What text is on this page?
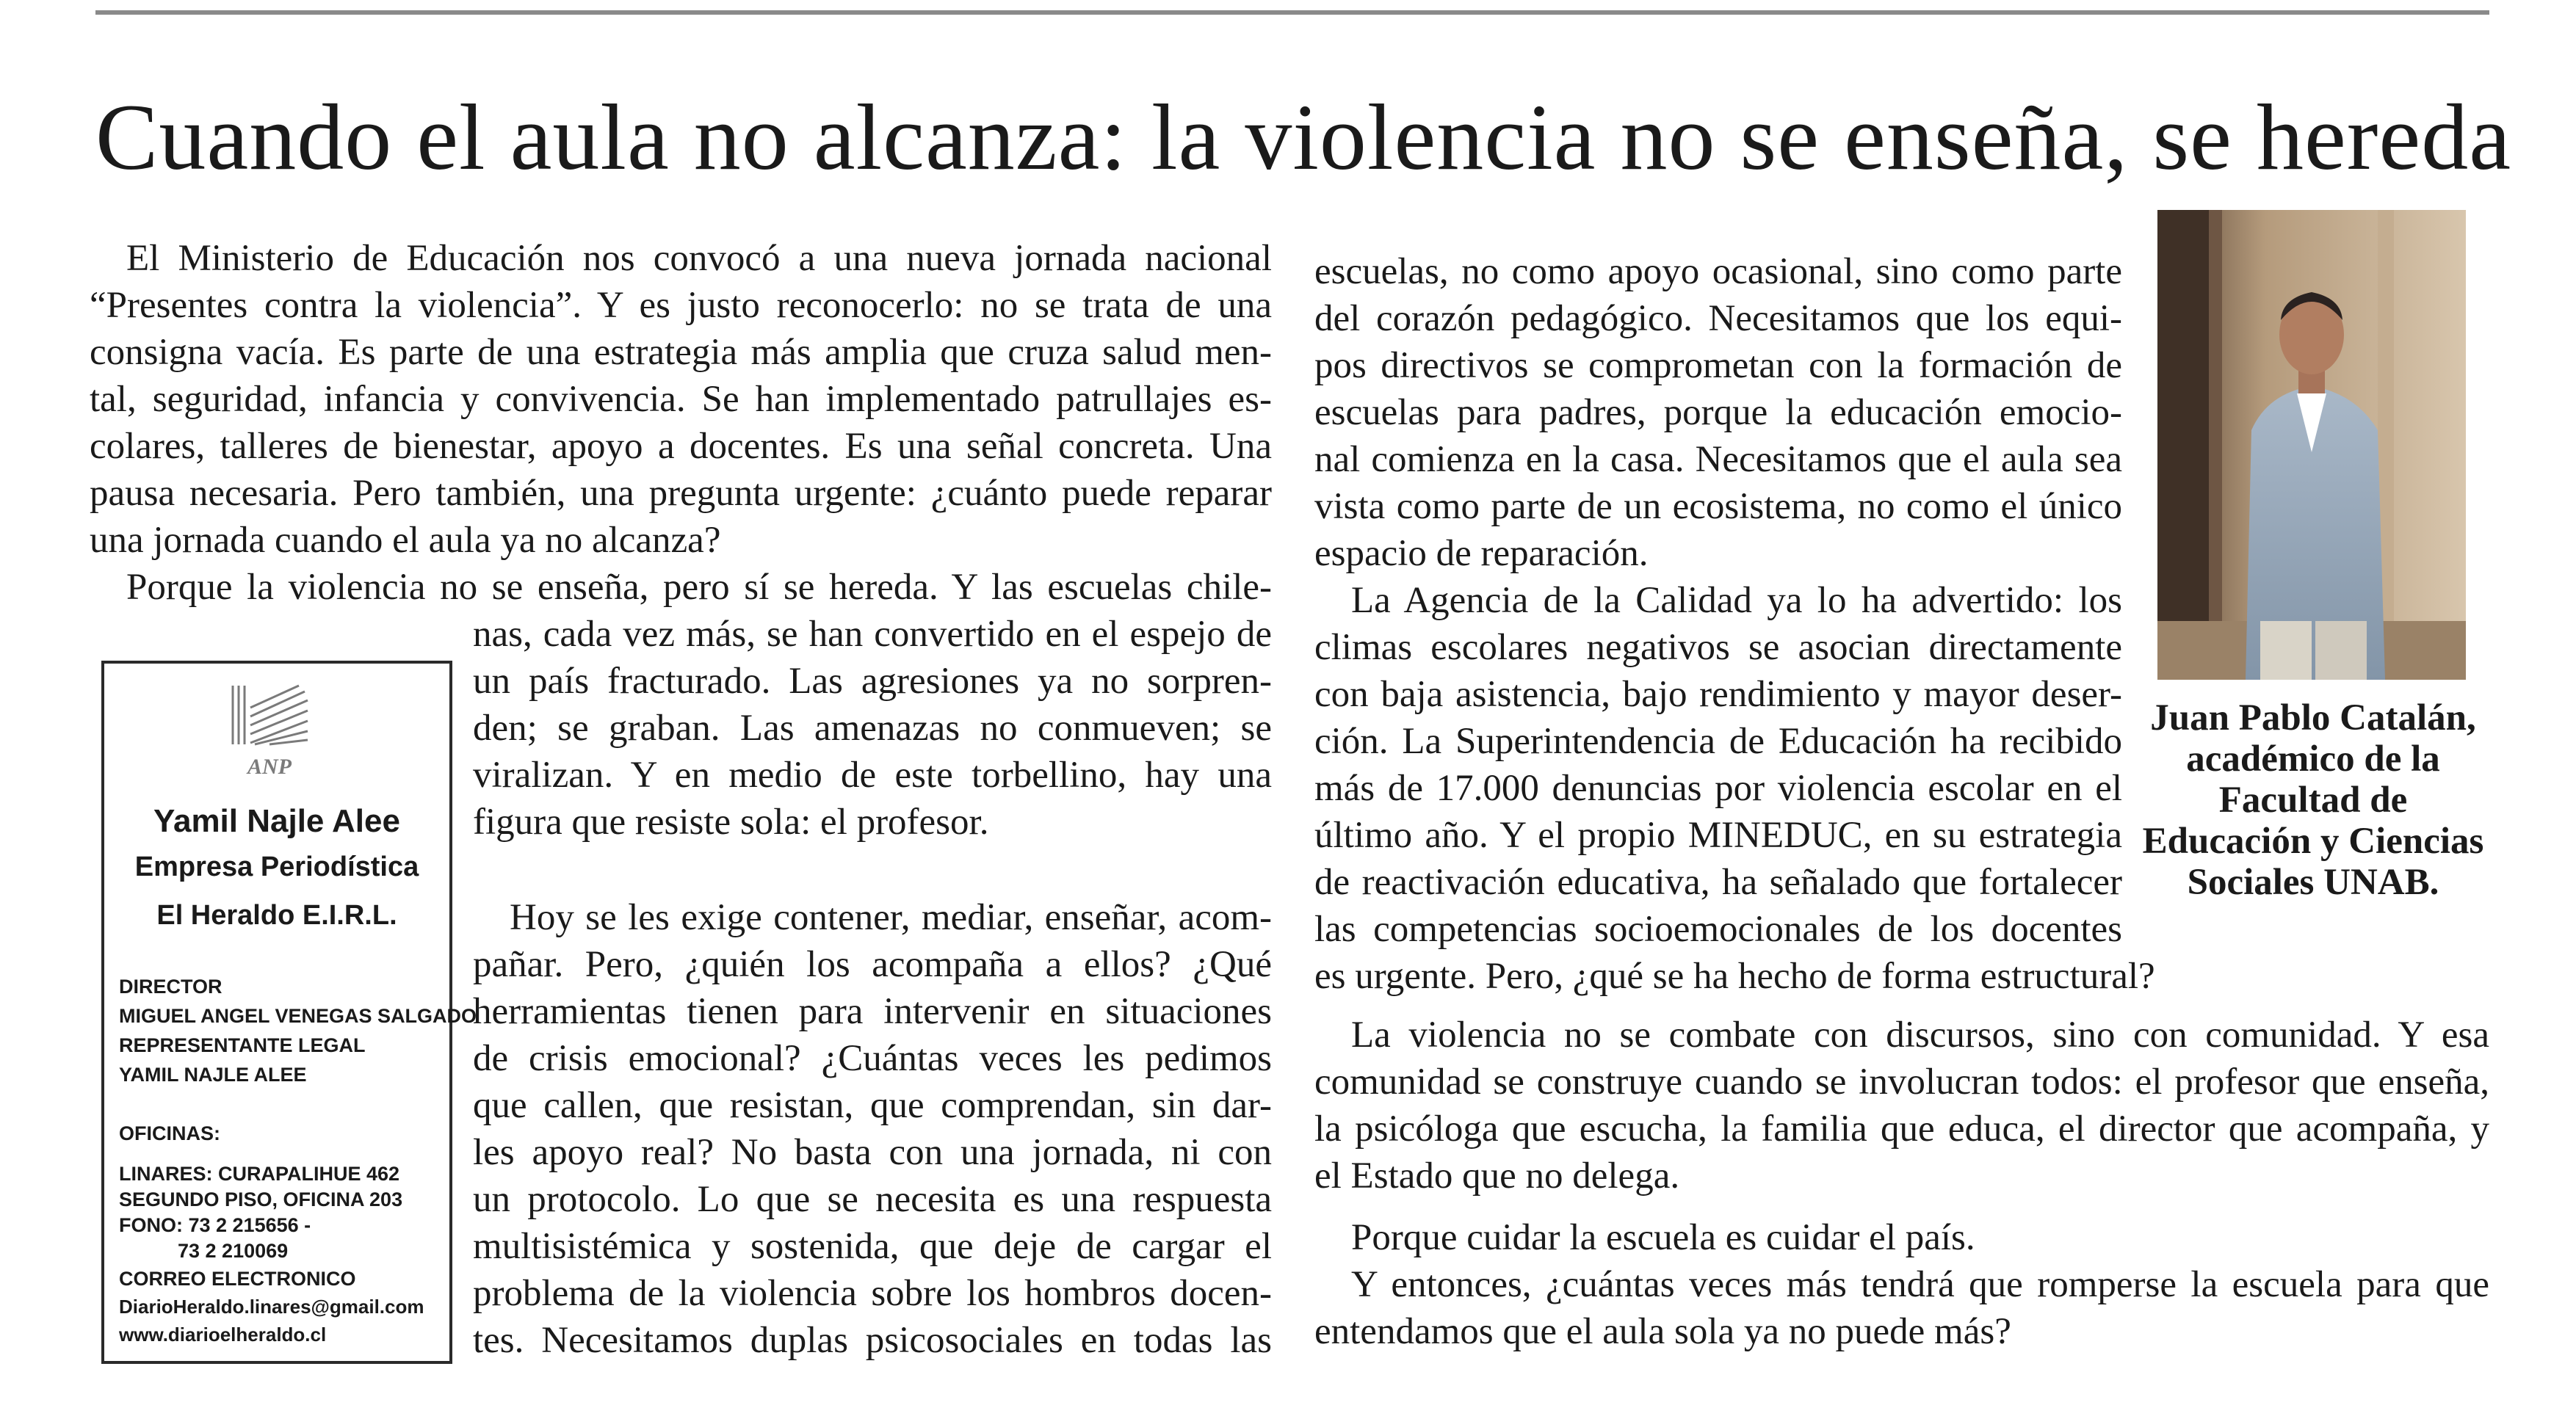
Cuando el aula no alcanza: la violencia no se enseña, se hereda
El Ministerio de Educación nos convocó a una nueva jornada nacional
“Presentes contra la violencia”. Y es justo reconocerlo: no se trata de una
consigna vacía. Es parte de una estrategia más amplia que cruza salud men-
tal, seguridad, infancia y convivencia. Se han implementado patrullajes es-
colares, talleres de bienestar, apoyo a docentes. Es una señal concreta. Una
pausa necesaria. Pero también, una pregunta urgente: ¿cuánto puede reparar
una jornada cuando el aula ya no alcanza?
Porque la violencia no se enseña, pero sí se hereda. Y las escuelas chile-
nas, cada vez más, se han convertido en el espejo de
un país fracturado. Las agresiones ya no sorpren-
den; se graban. Las amenazas no conmueven; se
viralizan. Y en medio de este torbellino, hay una
figura que resiste sola: el profesor.
Hoy se les exige contener, mediar, enseñar, acom-
pañar. Pero, ¿quién los acompaña a ellos? ¿Qué
herramientas tienen para intervenir en situaciones
de crisis emocional? ¿Cuántas veces les pedimos
que callen, que resistan, que comprendan, sin dar-
les apoyo real? No basta con una jornada, ni con
un protocolo. Lo que se necesita es una respuesta
multisistémica y sostenida, que deje de cargar el
problema de la violencia sobre los hombros docen-
tes. Necesitamos duplas psicosociales en todas las
ANP
Yamil Najle Alee
Empresa Periodística
El Heraldo E.I.R.L.
DIRECTOR
MIGUEL ANGEL VENEGAS SALGADO
REPRESENTANTE LEGAL
YAMIL NAJLE ALEE
OFICINAS:
LINARES: CURAPALIHUE 462
SEGUNDO PISO, OFICINA 203
FONO: 73 2 215656 -
73 2 210069
CORREO ELECTRONICO
DiarioHeraldo.linares@gmail.com
www.diarioelheraldo.cl
escuelas, no como apoyo ocasional, sino como parte
del corazón pedagógico. Necesitamos que los equi-
pos directivos se comprometan con la formación de
escuelas para padres, porque la educación emocio-
nal comienza en la casa. Necesitamos que el aula sea
vista como parte de un ecosistema, no como el único
espacio de reparación.
La Agencia de la Calidad ya lo ha advertido: los
climas escolares negativos se asocian directamente
con baja asistencia, bajo rendimiento y mayor deser-
ción. La Superintendencia de Educación ha recibido
más de 17.000 denuncias por violencia escolar en el
último año. Y el propio MINEDUC, en su estrategia
de reactivación educativa, ha señalado que fortalecer
las competencias socioemocionales de los docentes
es urgente. Pero, ¿qué se ha hecho de forma estructural?
La violencia no se combate con discursos, sino con comunidad. Y esa
comunidad se construye cuando se involucran todos: el profesor que enseña,
la psicóloga que escucha, la familia que educa, el director que acompaña, y
el Estado que no delega.
Porque cuidar la escuela es cuidar el país.
Y entonces, ¿cuántas veces más tendrá que romperse la escuela para que
entendamos que el aula sola ya no puede más?
Juan Pablo Catalán,
académico de la
Facultad de
Educación y Ciencias
Sociales UNAB.
